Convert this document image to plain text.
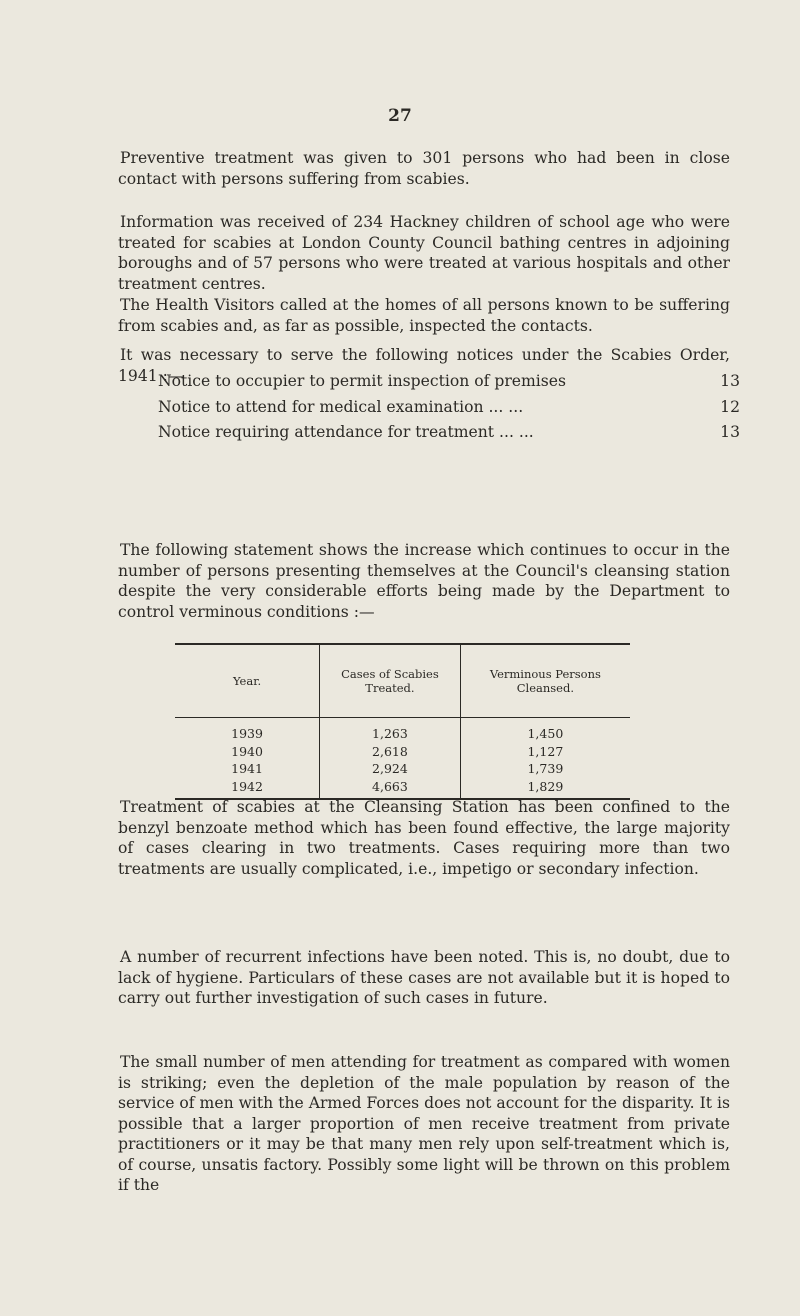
27

Preventive treatment was given to 301 persons who had been in close contact with persons suffering from scabies.

Information was received of 234 Hackney children of school age who were treated for scabies at London County Council bathing centres in adjoining boroughs and of 57 persons who were treated at various hospitals and other treatment centres.

The Health Visitors called at the homes of all persons known to be suffering from scabies and, as far as possible, inspected the contacts.

It was necessary to serve the following notices under the Scabies Order, 1941 :—

Notice to occupier to permit inspection of premises	13
Notice to attend for medical examination ... ...	12
Notice requiring attendance for treatment ... ...	13

The following statement shows the increase which continues to occur in the number of persons presenting themselves at the Council's cleansing station despite the very considerable efforts being made by the Department to control verminous conditions :—

Year.	Cases of Scabies Treated.	Verminous Persons Cleansed.
1939	1,263	1,450
1940	2,618	1,127
1941	2,924	1,739
1942	4,663	1,829

Treatment of scabies at the Cleansing Station has been confined to the benzyl benzoate method which has been found effective, the large majority of cases clearing in two treatments. Cases requiring more than two treatments are usually complicated, i.e., impetigo or secondary infection.

A number of recurrent infections have been noted. This is, no doubt, due to lack of hygiene. Particulars of these cases are not available but it is hoped to carry out further investigation of such cases in future.

The small number of men attending for treatment as compared with women is striking; even the depletion of the male population by reason of the service of men with the Armed Forces does not account for the disparity. It is possible that a larger proportion of men receive treatment from private practitioners or it may be that many men rely upon self-treatment which is, of course, unsatis factory. Possibly some light will be thrown on this problem if the
